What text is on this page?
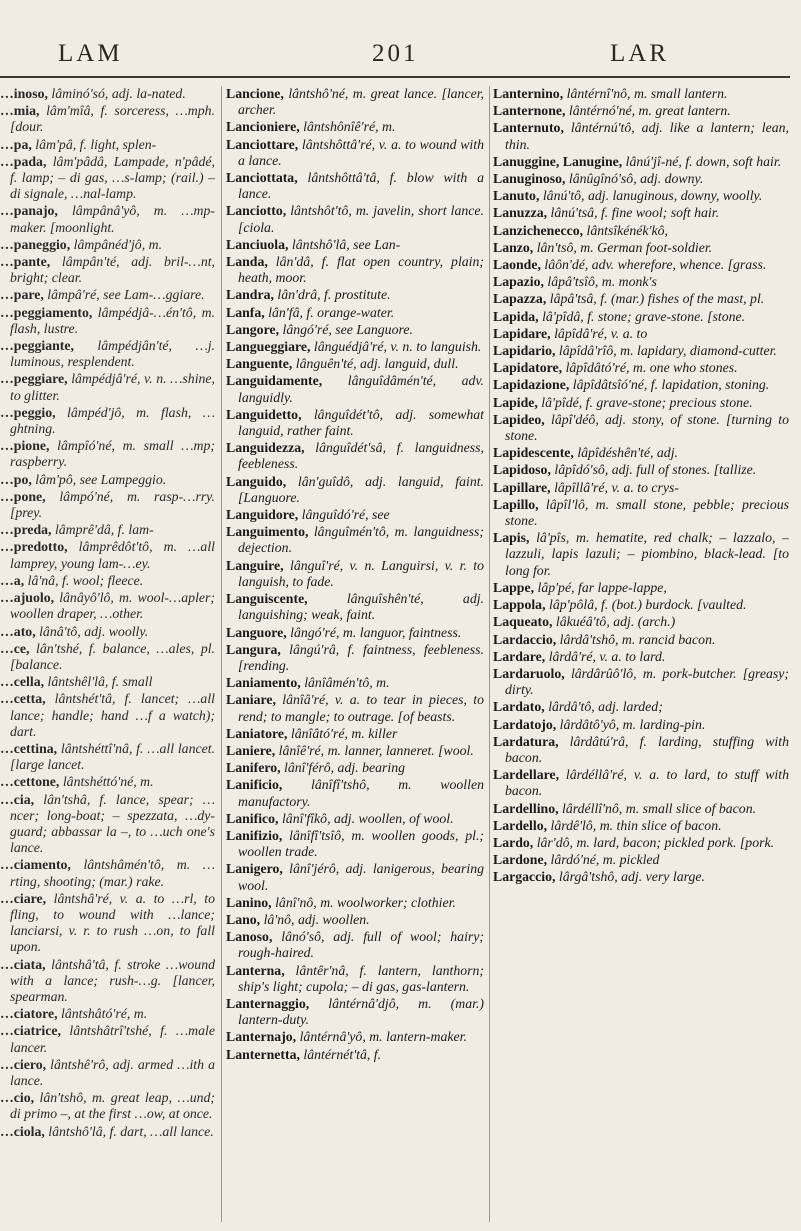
LAM	201	LAR

…inoso, lâminó'só, adj. la-nated.

…mia, lâm'mîâ, f. sorceress, …mph. [dour.

…pa, lâm'pâ, f. light, splen-

…pada, lâm'pâdâ, Lampade, n'pâdé, f. lamp; – di gas, …s-lamp; (rail.) – di signale, …nal-lamp.

…panajo, lâmpânâ'yô, m. …mp-maker. [moonlight.

…paneggio, lâmpânéd'jô, m.

…pante, lâmpân'té, adj. bril-…nt, bright; clear.

…pare, lâmpâ'ré, see Lam-…ggiare.

…peggiamento, lâmpédjâ-…én'tô, m. flash, lustre.

…peggiante, lâmpédjân'té, …j. luminous, resplendent.

…peggiare, lâmpédjâ'ré, v. n. …shine, to glitter.

…peggio, lâmpéd'jô, m. flash, …ghtning.

…pione, lâmpîó'né, m. small …mp; raspberry.

…po, lâm'pô, see Lampeggio.

…pone, lâmpó'né, m. rasp-…rry. [prey.

…preda, lâmprê'dâ, f. lam-

…predotto, lâmprêdôt'tô, m. …all lamprey, young lam-…ey.

…a, lâ'nâ, f. wool; fleece.

…ajuolo, lânâyô'lô, m. wool-…apler; woollen draper, …other.

…ato, lânâ'tô, adj. woolly.

…ce, lân'tshé, f. balance, …ales, pl. [balance.

…cella, lântshêl'lâ, f. small

…cetta, lântshét'tâ, f. lancet; …all lance; handle; hand …f a watch); dart.

…cettina, lântshéttî'nâ, f. …all lancet. [large lancet.

…cettone, lântshéttó'né, m.

…cia, lân'tshâ, f. lance, spear; …ncer; long-boat; – spezzata, …dy-guard; abbassar la –, to …uch one's lance.

…ciamento, lântshâmén'tô, m. …rting, shooting; (mar.) rake.

…ciare, lântshâ'ré, v. a. to …rl, to fling, to wound with …lance; lanciarsi, v. r. to rush …on, to fall upon.

…ciata, lântshâ'tâ, f. stroke …wound with a lance; rush-…g. [lancer, spearman.

…ciatore, lântshâtó'ré, m.

…ciatrice, lântshâtrî'tshé, f. …male lancer.

…ciero, lântshê'rô, adj. armed …ith a lance.

…cio, lân'tshô, m. great leap, …und; di primo –, at the first …ow, at once.

…ciola, lântshô'lâ, f. dart, …all lance.

Lancione, lântshô'né, m. great lance. [lancer, archer.

Lancioniere, lântshônîê'ré, m.

Lanciottare, lântshôttâ'ré, v. a. to wound with a lance.

Lanciottata, lântshôttâ'tâ, f. blow with a lance.

Lanciotto, lântshôt'tô, m. javelin, short lance. [ciola.

Lanciuola, lântshô'lâ, see Lan-

Landa, lân'dâ, f. flat open country, plain; heath, moor.

Landra, lân'drâ, f. prostitute.

Lanfa, lân'fâ, f. orange-water.

Langore, lângó'ré, see Languore.

Langueggiare, lânguédjâ'ré, v. n. to languish.

Languente, lânguên'té, adj. languid, dull.

Languidamente, lânguîdâmén'té, adv. languidly.

Languidetto, lânguîdét'tô, adj. somewhat languid, rather faint.

Languidezza, lânguîdét'sâ, f. languidness, feebleness.

Languido, lân'guîdô, adj. languid, faint. [Languore.

Languidore, lânguîdó'ré, see

Languimento, lânguîmén'tô, m. languidness; dejection.

Languire, lânguî'ré, v. n. Languirsi, v. r. to languish, to fade.

Languiscente, lânguîshên'té, adj. languishing; weak, faint.

Languore, lângó'ré, m. languor, faintness.

Langura, lângú'râ, f. faintness, feebleness. [rending.

Laniamento, lânîâmén'tô, m.

Laniare, lânîâ'ré, v. a. to tear in pieces, to rend; to mangle; to outrage. [of beasts.

Laniatore, lânîâtó'ré, m. killer

Laniere, lânîê'ré, m. lanner, lanneret. [wool.

Lanifero, lânî'férô, adj. bearing

Lanificio, lânîfî'tshô, m. woollen manufactory.

Lanifico, lânî'fîkô, adj. woollen, of wool.

Lanifizio, lânîfî'tsîô, m. woollen goods, pl.; woollen trade.

Lanigero, lânî'jérô, adj. lanigerous, bearing wool.

Lanino, lânî'nô, m. woolworker; clothier.

Lano, lâ'nô, adj. woollen.

Lanoso, lânó'sô, adj. full of wool; hairy; rough-haired.

Lanterna, lântêr'nâ, f. lantern, lanthorn; ship's light; cupola; – di gas, gas-lantern.

Lanternaggio, lântérnâ'djô, m. (mar.) lantern-duty.

Lanternajo, lântérnâ'yô, m. lantern-maker.

Lanternetta, lântérnét'tâ, f.

Lanternino, lântérnî'nô, m. small lantern.

Lanternone, lântérnó'né, m. great lantern.

Lanternuto, lântérnú'tô, adj. like a lantern; lean, thin.

Lanuggine, Lanugine, lânú'jî-né, f. down, soft hair.

Lanuginoso, lânûgînó'sô, adj. downy.

Lanuto, lânú'tô, adj. lanuginous, downy, woolly.

Lanuzza, lânú'tsâ, f. fine wool; soft hair.

Lanzichenecco, lântsîkénék'kô,

Lanzo, lân'tsô, m. German foot-soldier.

Laonde, lâôn'dé, adv. wherefore, whence. [grass.

Lapazio, lâpâ'tsîô, m. monk's

Lapazza, lâpâ'tsâ, f. (mar.) fishes of the mast, pl.

Lapida, lâ'pîdâ, f. stone; grave-stone. [stone.

Lapidare, lâpîdâ'ré, v. a. to

Lapidario, lâpîdâ'rîô, m. lapidary, diamond-cutter.

Lapidatore, lâpîdâtó'ré, m. one who stones.

Lapidazione, lâpîdâtsîó'né, f. lapidation, stoning.

Lapide, lâ'pîdé, f. grave-stone; precious stone.

Lapideo, lâpî'déô, adj. stony, of stone. [turning to stone.

Lapidescente, lâpîdéshên'té, adj.

Lapidoso, lâpîdó'sô, adj. full of stones. [tallize.

Lapillare, lâpîllâ'ré, v. a. to crys-

Lapillo, lâpîl'lô, m. small stone, pebble; precious stone.

Lapis, lâ'pîs, m. hematite, red chalk; – lazzalo, – lazzuli, lapis lazuli; – piombino, black-lead. [to long for.

Lappe, lâp'pé, far lappe-lappe,

Lappola, lâp'pôlâ, f. (bot.) burdock. [vaulted.

Laqueato, lâkuéâ'tô, adj. (arch.)

Lardaccio, lârdâ'tshô, m. rancid bacon.

Lardare, lârdâ'ré, v. a. to lard.

Lardaruolo, lârdârûô'lô, m. pork-butcher. [greasy; dirty.

Lardato, lârdâ'tô, adj. larded;

Lardatojo, lârdâtô'yô, m. larding-pin.

Lardatura, lârdâtú'râ, f. larding, stuffing with bacon.

Lardellare, lârdéllâ'ré, v. a. to lard, to stuff with bacon.

Lardellino, lârdéllî'nô, m. small slice of bacon.

Lardello, lârdê'lô, m. thin slice of bacon.

Lardo, lâr'dô, m. lard, bacon; pickled pork. [pork.

Lardone, lârdó'né, m. pickled

Largaccio, lârgâ'tshô, adj. very large.
